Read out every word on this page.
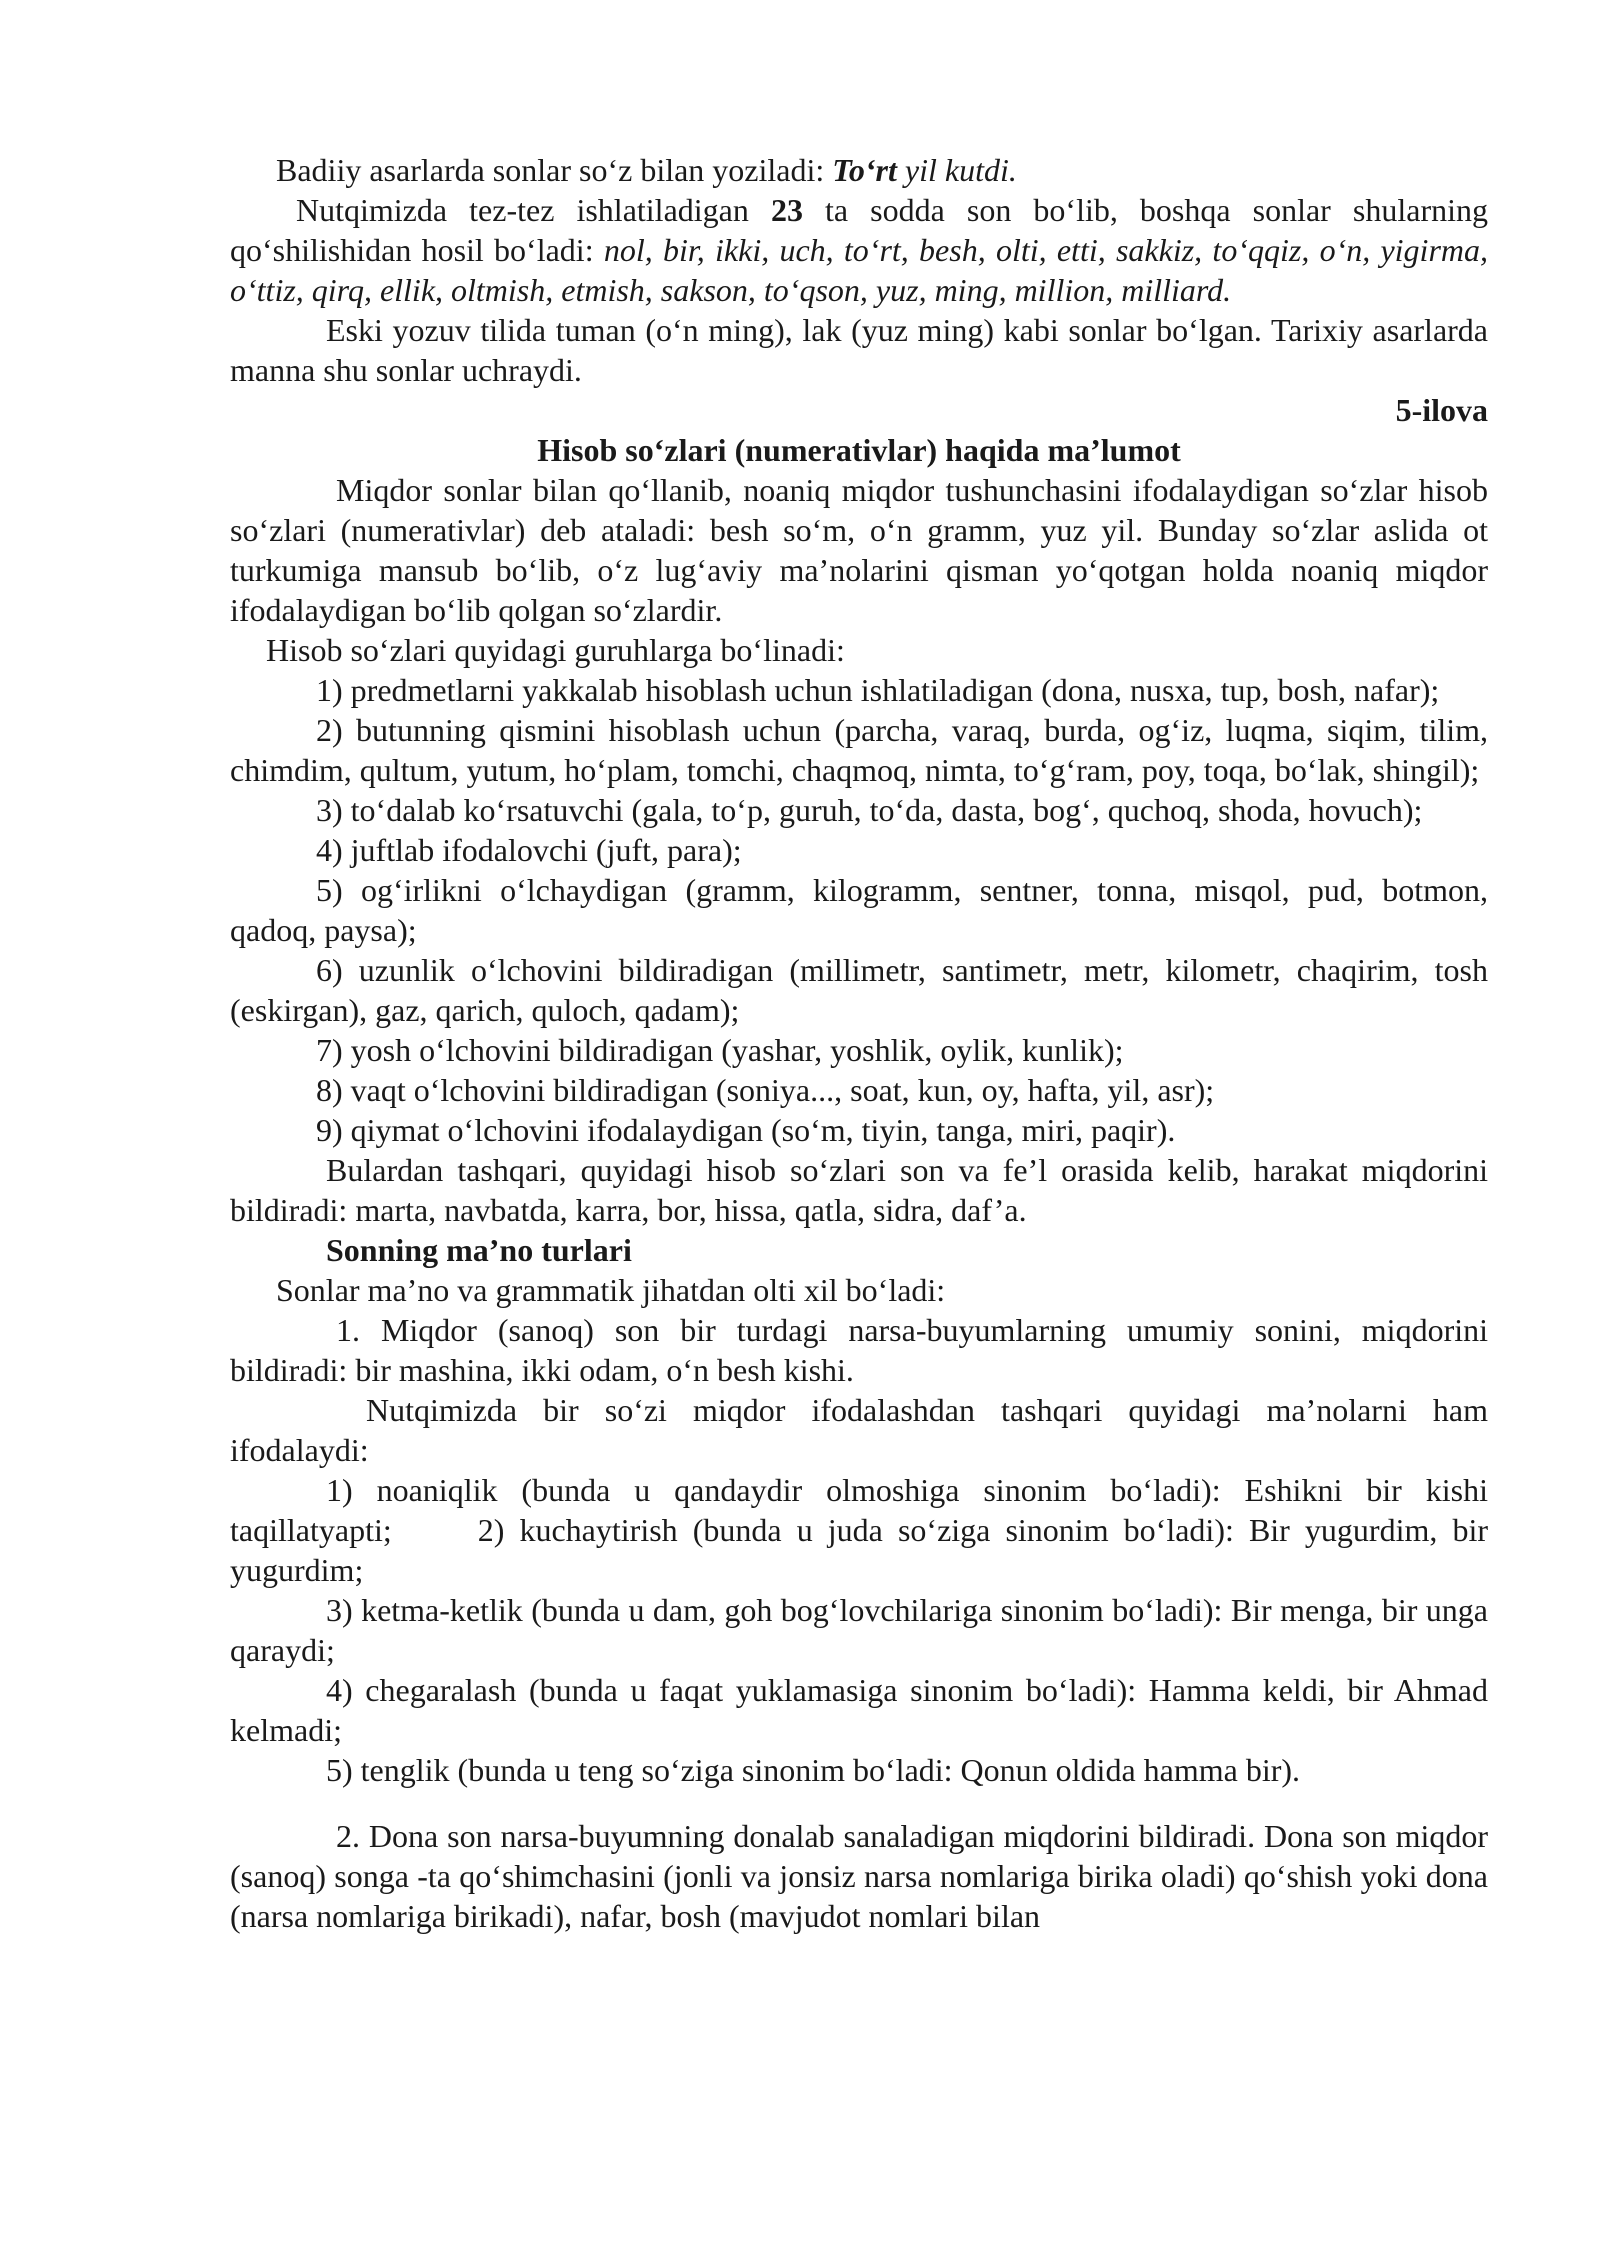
Badiiy asarlarda sonlar so‘z bilan yoziladi: To‘rt yil kutdi.

Nutqimizda tez-tez ishlatiladigan 23 ta sodda son bo‘lib, boshqa sonlar shularning qo‘shilishidan hosil bo‘ladi: nol, bir, ikki, uch, to‘rt, besh, olti, etti, sakkiz, to‘qqiz, o‘n, yigirma, o‘ttiz, qirq, ellik, oltmish, etmish, sakson, to‘qson, yuz, ming, million, milliard.

Eski yozuv tilida tuman (o‘n ming), lak (yuz ming) kabi sonlar bo‘lgan. Tarixiy asarlarda manna shu sonlar uchraydi.

5-ilova

Hisob so‘zlari (numerativlar) haqida ma’lumot

Miqdor sonlar bilan qo‘llanib, noaniq miqdor tushunchasini ifodalaydigan so‘zlar hisob so‘zlari (numerativlar) deb ataladi: besh so‘m, o‘n gramm, yuz yil. Bunday so‘zlar aslida ot turkumiga mansub bo‘lib, o‘z lug‘aviy ma’nolarini qisman yo‘qotgan holda noaniq miqdor ifodalaydigan bo‘lib qolgan so‘zlardir.

Hisob so‘zlari quyidagi guruhlarga bo‘linadi:

1) predmetlarni yakkalab hisoblash uchun ishlatiladigan (dona, nusxa, tup, bosh, nafar);

2) butunning qismini hisoblash uchun (parcha, varaq, burda, og‘iz, luqma, siqim, tilim, chimdim, qultum, yutum, ho‘plam, tomchi, chaqmoq, nimta, to‘g‘ram, poy, toqa, bo‘lak, shingil);

3) to‘dalab ko‘rsatuvchi (gala, to‘p, guruh, to‘da, dasta, bog‘, quchoq, shoda, hovuch);

4) juftlab ifodalovchi (juft, para);

5) og‘irlikni o‘lchaydigan (gramm, kilogramm, sentner, tonna, misqol, pud, botmon, qadoq, paysa);

6) uzunlik o‘lchovini bildiradigan (millimetr, santimetr, metr, kilometr, chaqirim, tosh (eskirgan), gaz, qarich, quloch, qadam);

7) yosh o‘lchovini bildiradigan (yashar, yoshlik, oylik, kunlik);

8) vaqt o‘lchovini bildiradigan (soniya..., soat, kun, oy, hafta, yil, asr);

9) qiymat o‘lchovini ifodalaydigan (so‘m, tiyin, tanga, miri, paqir).

Bulardan tashqari, quyidagi hisob so‘zlari son va fe’l orasida kelib, harakat miqdorini bildiradi: marta, navbatda, karra, bor, hissa, qatla, sidra, daf’a.

Sonning ma’no turlari

Sonlar ma’no va grammatik jihatdan olti xil bo‘ladi:

1. Miqdor (sanoq) son bir turdagi narsa-buyumlarning umumiy sonini, miqdorini bildiradi: bir mashina, ikki odam, o‘n besh kishi.

Nutqimizda bir so‘zi miqdor ifodalashdan tashqari quyidagi ma’nolarni ham ifodalaydi:

1) noaniqlik (bunda u qandaydir olmoshiga sinonim bo‘ladi): Eshikni bir kishi taqillatyapti;	2) kuchaytirish (bunda u juda so‘ziga sinonim bo‘ladi): Bir yugurdim, bir yugurdim;

3) ketma-ketlik (bunda u dam, goh bog‘lovchilariga sinonim bo‘ladi): Bir menga, bir unga qaraydi;

4) chegaralash (bunda u faqat yuklamasiga sinonim bo‘ladi): Hamma keldi, bir Ahmad kelmadi;

5) tenglik (bunda u teng so‘ziga sinonim bo‘ladi: Qonun oldida hamma bir).

2. Dona son narsa-buyumning donalab sanaladigan miqdorini bildiradi. Dona son miqdor (sanoq) songa -ta qo‘shimchasini (jonli va jonsiz narsa nomlariga birika oladi) qo‘shish yoki dona (narsa nomlariga birikadi), nafar, bosh (mavjudot nomlari bilan
